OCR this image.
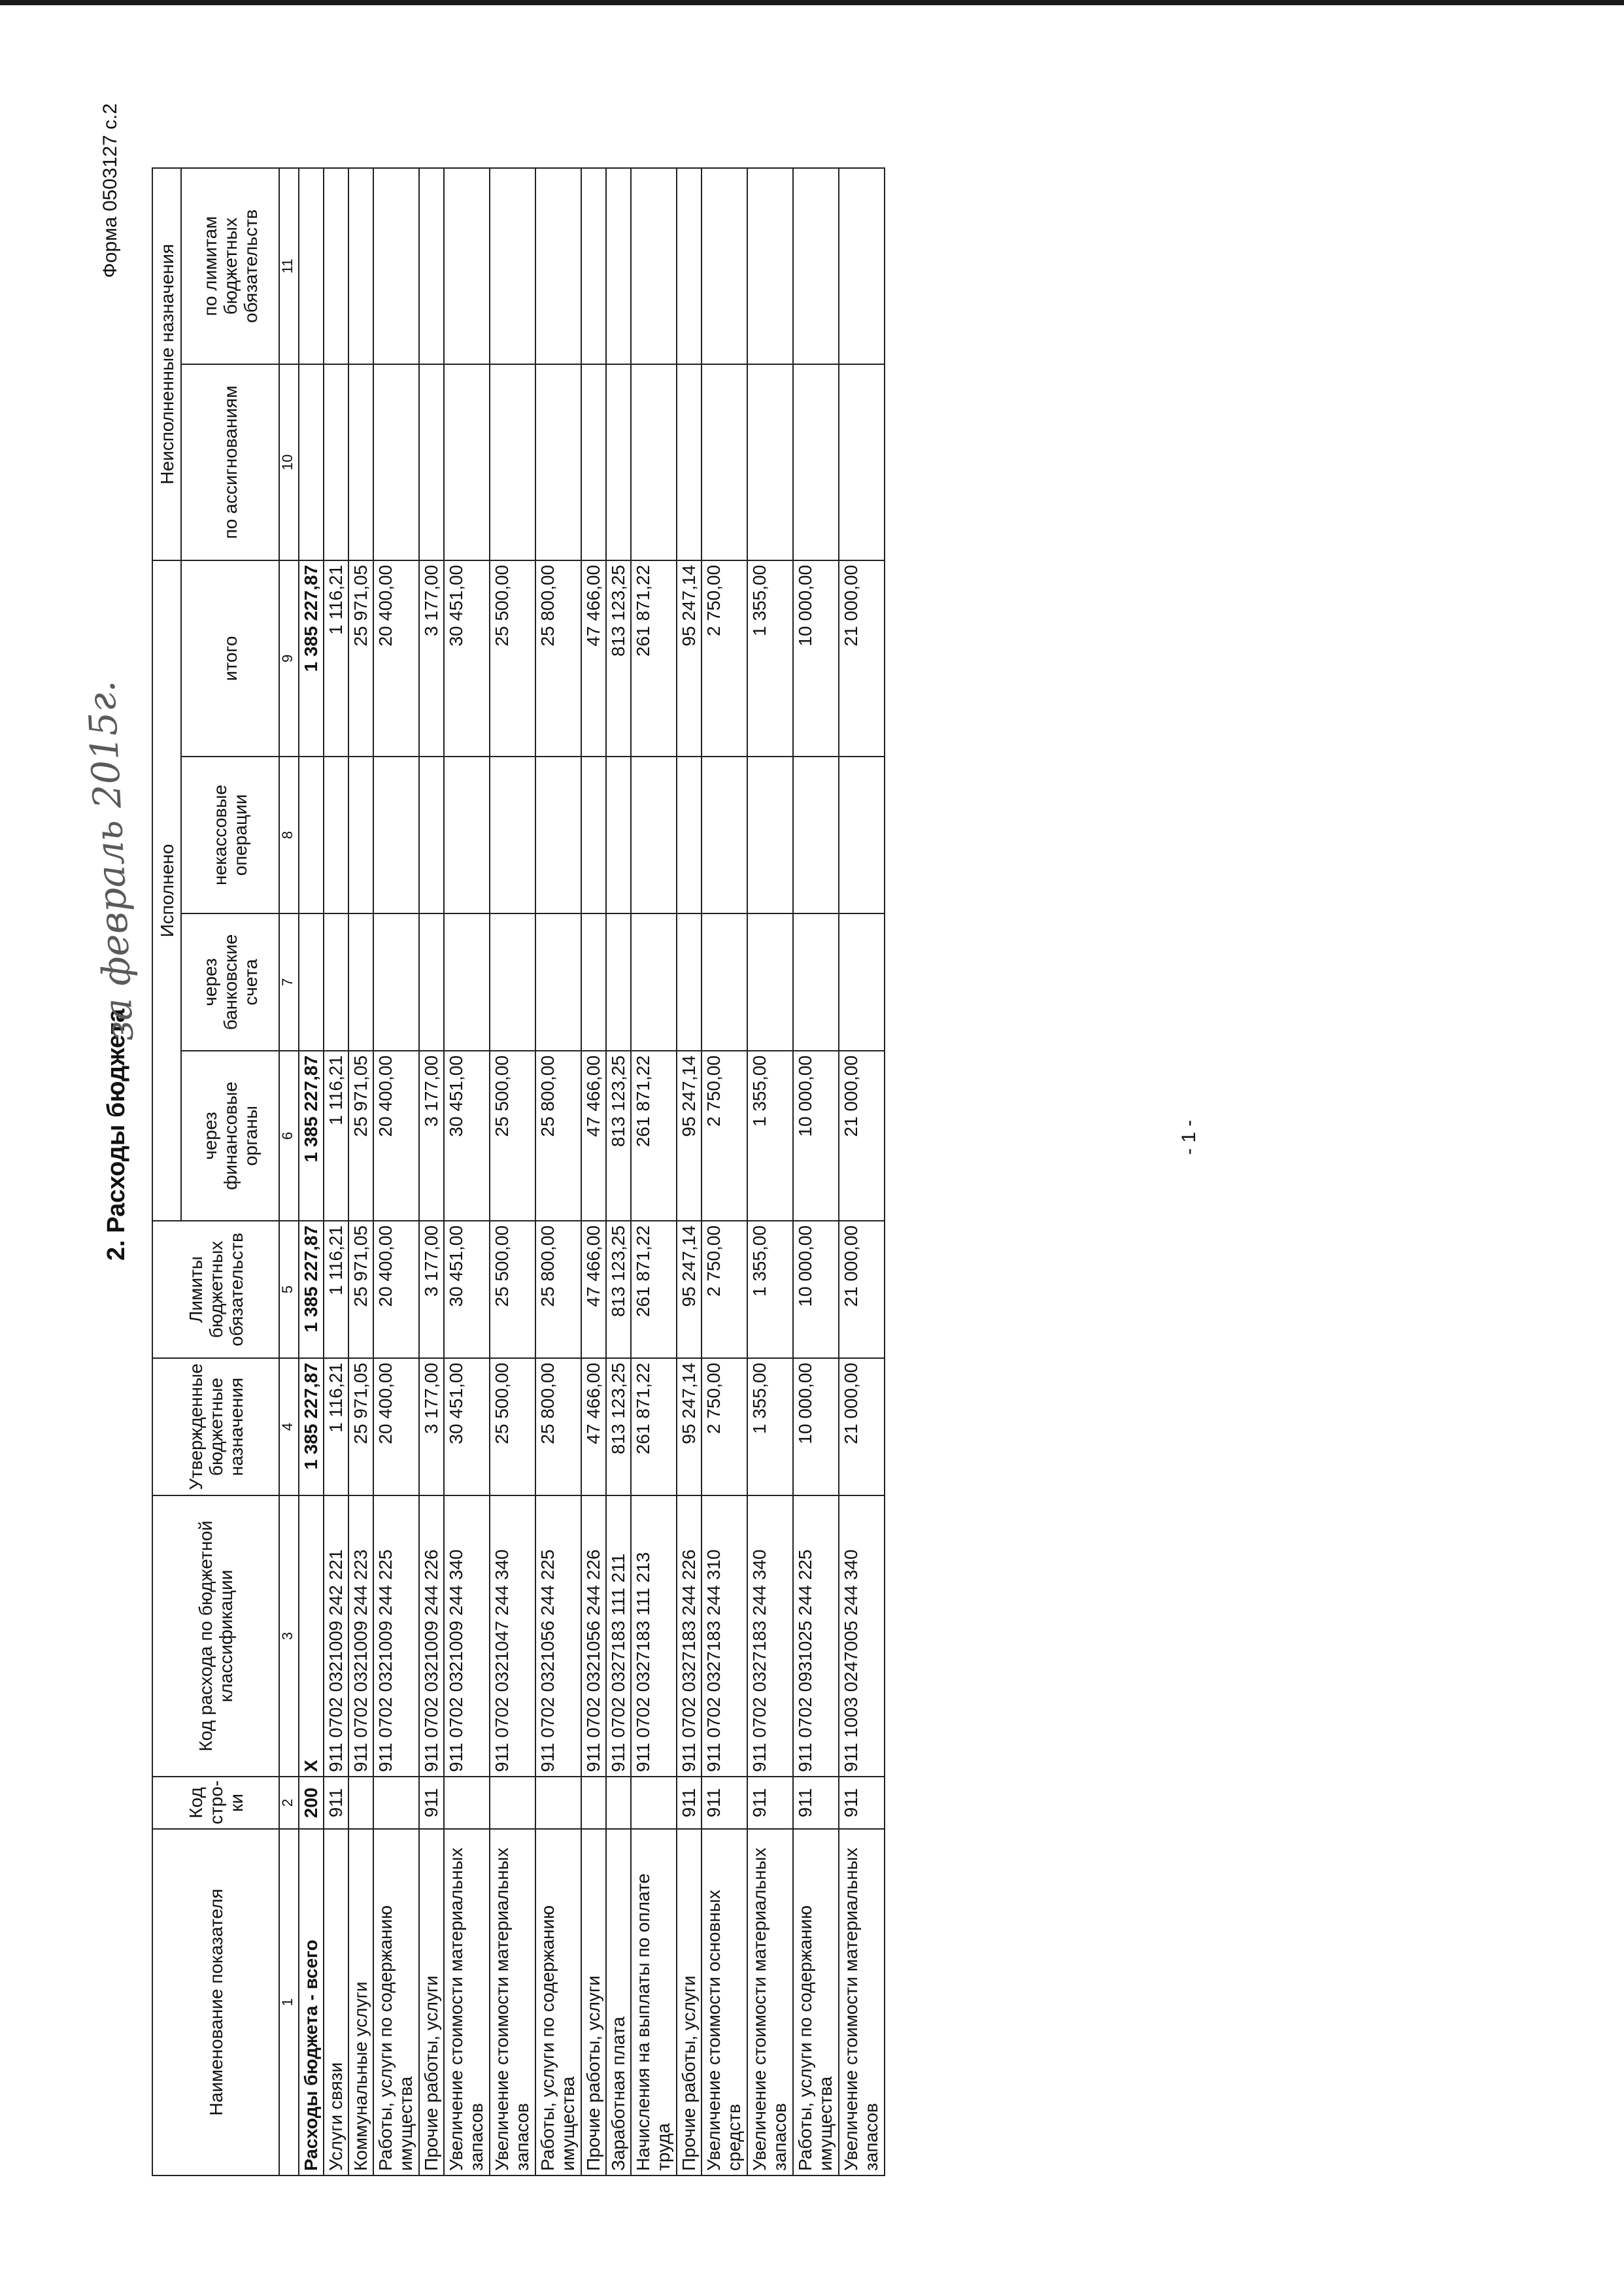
Форма 0503127 с.2
2. Расходы бюджета
за февраль 2015г.
Наименование показателя	Код стро-ки	Код расхода по бюджетной классификации	Утвержденные бюджетные назначения	Лимиты бюджетных обязательств	Исполнено				Неисполненные назначения	
					через финансовые органы	через банковские счета	некассовые операции	итого	по ассигнованиям	по лимитам бюджетных обязательств
1	2	3	4	5	6	7	8	9	10	11
Расходы бюджета - всего	200	X	1 385 227,87	1 385 227,87	1 385 227,87			1 385 227,87		
Услуги связи	911	911 0702 0321009 242 221	1 116,21	1 116,21	1 116,21			1 116,21		
Коммунальные услуги		911 0702 0321009 244 223	25 971,05	25 971,05	25 971,05			25 971,05		
Работы, услуги по содержанию имущества		911 0702 0321009 244 225	20 400,00	20 400,00	20 400,00			20 400,00		
Прочие работы, услуги	911	911 0702 0321009 244 226	3 177,00	3 177,00	3 177,00			3 177,00		
Увеличение стоимости материальных запасов		911 0702 0321009 244 340	30 451,00	30 451,00	30 451,00			30 451,00		
Увеличение стоимости материальных запасов		911 0702 0321047 244 340	25 500,00	25 500,00	25 500,00			25 500,00		
Работы, услуги по содержанию имущества		911 0702 0321056 244 225	25 800,00	25 800,00	25 800,00			25 800,00		
Прочие работы, услуги		911 0702 0321056 244 226	47 466,00	47 466,00	47 466,00			47 466,00		
Заработная плата		911 0702 0327183 111 211	813 123,25	813 123,25	813 123,25			813 123,25		
Начисления на выплаты по оплате труда		911 0702 0327183 111 213	261 871,22	261 871,22	261 871,22			261 871,22		
Прочие работы, услуги	911	911 0702 0327183 244 226	95 247,14	95 247,14	95 247,14			95 247,14		
Увеличение стоимости основных средств	911	911 0702 0327183 244 310	2 750,00	2 750,00	2 750,00			2 750,00		
Увеличение стоимости материальных запасов	911	911 0702 0327183 244 340	1 355,00	1 355,00	1 355,00			1 355,00		
Работы, услуги по содержанию имущества	911	911 0702 0931025 244 225	10 000,00	10 000,00	10 000,00			10 000,00		
Увеличение стоимости материальных запасов	911	911 1003 0247005 244 340	21 000,00	21 000,00	21 000,00			21 000,00		
- 1 -
